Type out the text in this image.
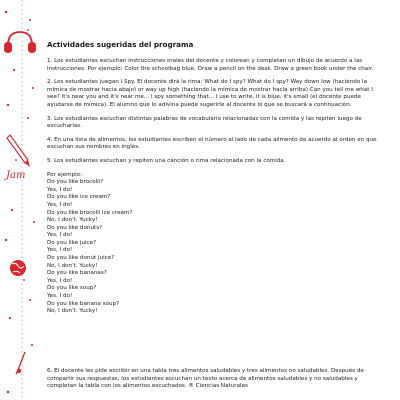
Jam
Actividades sugeridas del programa

1. Los estudiantes escuchan instrucciones orales del docente y colorean y completan un dibujo de acuerdo a las instrucciones. Por ejemplo: Color the schoolbag blue. Draw a pencil on the desk. Draw a green book under the chair.

2. Los estudiantes juegan I Spy. El docente dirá la rima: What do I spy? What do I spy? Way down low (haciendo la mímica de mostrar hacia abajo) or way up high (haciendo la mímica de mostrar hacia arriba) Can you tell me what I see? It's near you and it's near me... I spy something that... I use to write, it is blue, it's small (el docente puede ayudarse de mímica). El alumno que lo adivina puede sugerirle al docente lo que se buscará a continuación.

3. Los estudiantes escuchan distintas palabras de vocabulario relacionadas con la comida y las repiten luego de escucharlas.

4. En una lista de alimentos, los estudiantes escriben el número al lado de cada alimento de acuerdo al orden en que escuchan sus nombres en inglés.

5. Los estudiantes escuchan y repiten una canción o rima relacionada con la comida.

Por ejemplo:
Do you like brocolli?
Yes, I do!
Do you like ice cream?
Yes, I do!
Do you like brocolli ice cream?
No, I don't. Yucky!
Do you like donuts?
Yes, I do!
Do you like juice?
Yes, I do!
Do you like donut juice?
No, I don't. Yucky!
Do you like bananas?
Yes, I do!
Do you like soup?
Yes, I do!
Do you like banana soup?
No, I don't. Yucky!
6. El docente les pide escribir en una tabla tres alimentos saludables y tres alimentos no saludables. Después de compartir sus respuestas, los estudiantes escuchan un texto acerca de alimentos saludables y no saludables y completan la tabla con los alimentos escuchados. ® Ciencias Naturales
